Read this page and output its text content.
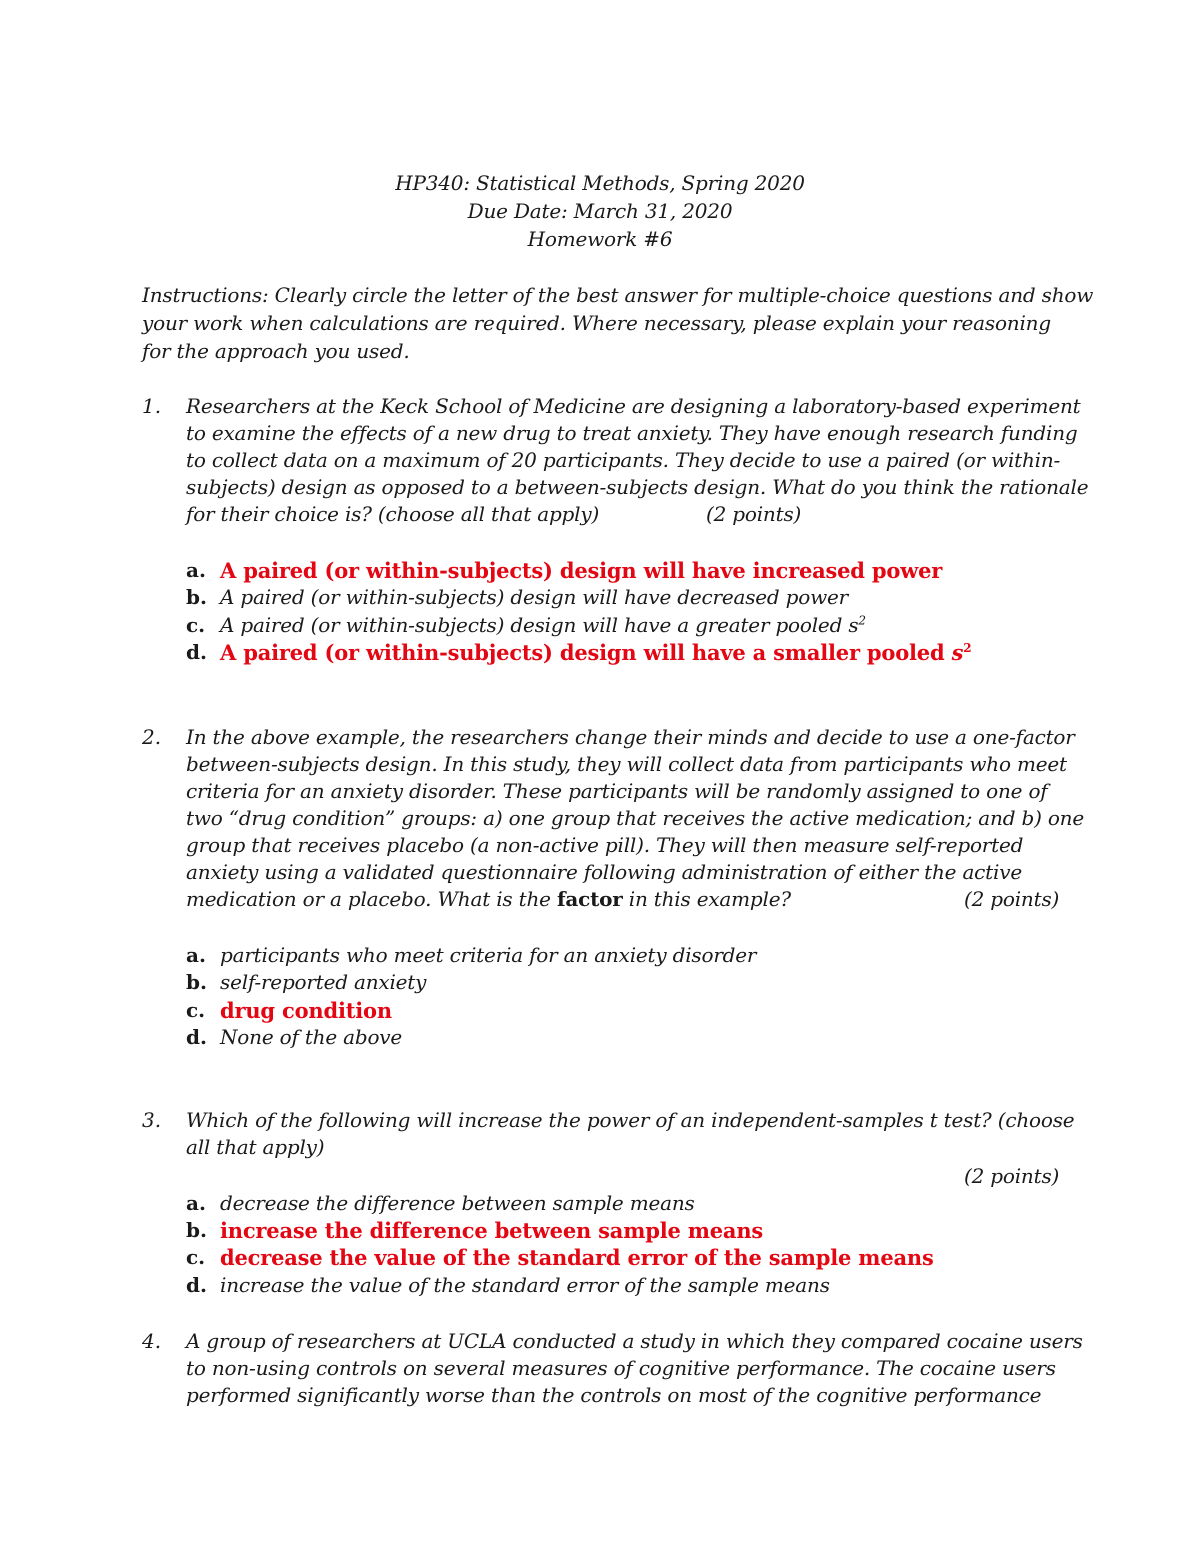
HP340: Statistical Methods, Spring 2020
Due Date: March 31, 2020
Homework #6
Instructions: Clearly circle the letter of the best answer for multiple-choice questions and show
your work when calculations are required. Where necessary, please explain your reasoning
for the approach you used.
1. Researchers at the Keck School of Medicine are designing a laboratory-based experiment
to examine the effects of a new drug to treat anxiety. They have enough research funding
to collect data on a maximum of 20 participants. They decide to use a paired (or within-
subjects) design as opposed to a between-subjects design. What do you think the rationale
for their choice is? (choose all that apply)	(2 points)
a. A paired (or within-subjects) design will have increased power
b. A paired (or within-subjects) design will have decreased power
c. A paired (or within-subjects) design will have a greater pooled $s^2$
d. A paired (or within-subjects) design will have a smaller pooled $s^2$
2. In the above example, the researchers change their minds and decide to use a one-factor
between-subjects design. In this study, they will collect data from participants who meet
criteria for an anxiety disorder. These participants will be randomly assigned to one of
two “drug condition” groups: a) one group that receives the active medication; and b) one
group that receives placebo (a non-active pill). They will then measure self-reported
anxiety using a validated questionnaire following administration of either the active
medication or a placebo. What is the factor in this example?	(2 points)
a. participants who meet criteria for an anxiety disorder
b. self-reported anxiety
c. drug condition
d. None of the above
3. Which of the following will increase the power of an independent-samples t test? (choose
all that apply)
(2 points)
a. decrease the difference between sample means
b. increase the difference between sample means
c. decrease the value of the standard error of the sample means
d. increase the value of the standard error of the sample means
4. A group of researchers at UCLA conducted a study in which they compared cocaine users
to non-using controls on several measures of cognitive performance. The cocaine users
performed significantly worse than the controls on most of the cognitive performance
